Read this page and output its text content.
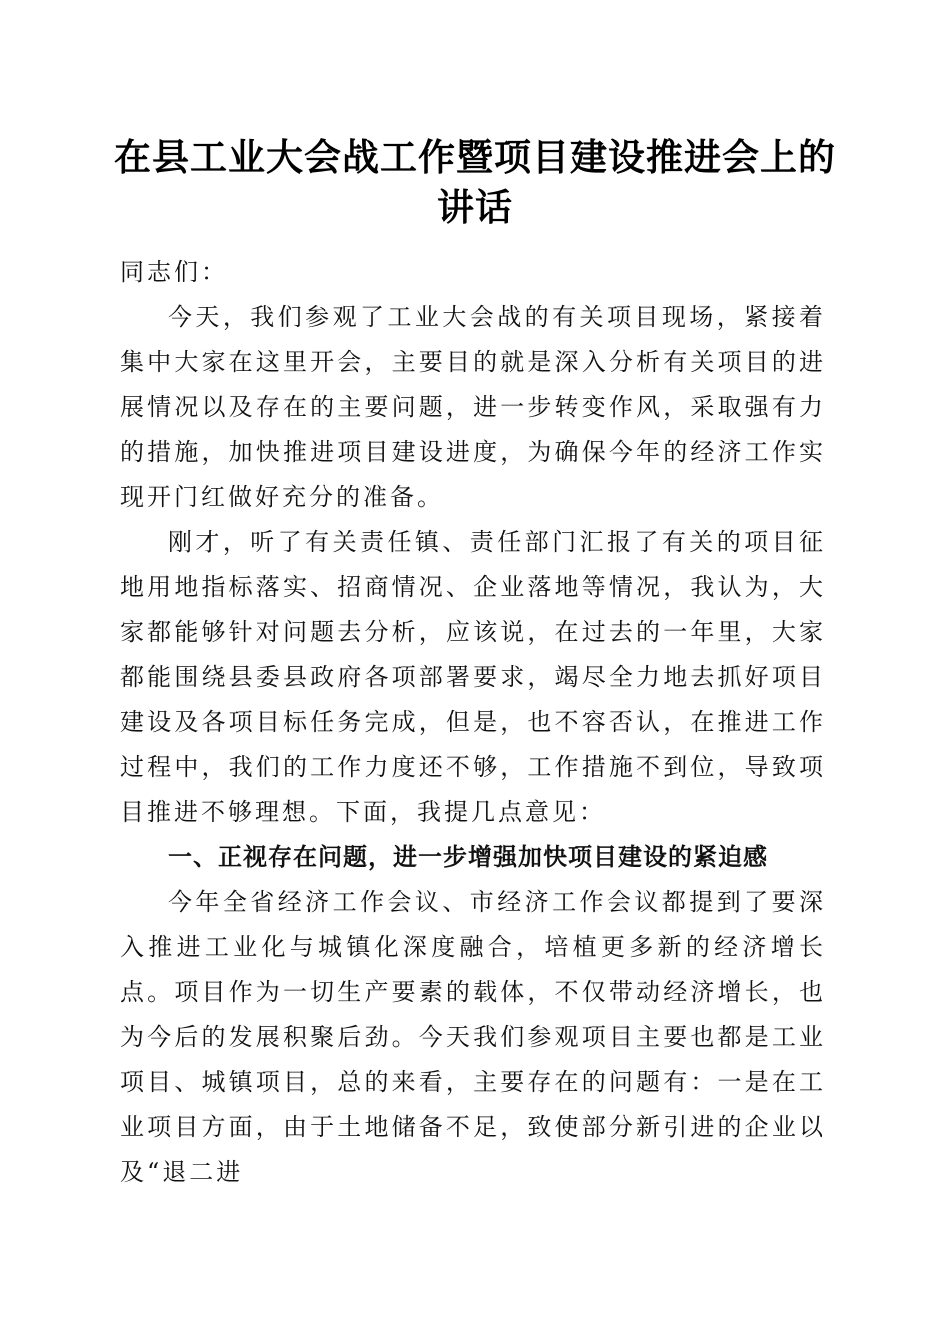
在县工业大会战工作暨项目建设推进会上的讲话

同志们：

今天，我们参观了工业大会战的有关项目现场，紧接着集中大家在这里开会，主要目的就是深入分析有关项目的进展情况以及存在的主要问题，进一步转变作风，采取强有力的措施，加快推进项目建设进度，为确保今年的经济工作实现开门红做好充分的准备。

刚才，听了有关责任镇、责任部门汇报了有关的项目征地用地指标落实、招商情况、企业落地等情况，我认为，大家都能够针对问题去分析，应该说，在过去的一年里，大家都能围绕县委县政府各项部署要求，竭尽全力地去抓好项目建设及各项目标任务完成，但是，也不容否认，在推进工作过程中，我们的工作力度还不够，工作措施不到位，导致项目推进不够理想。下面，我提几点意见：

一、正视存在问题，进一步增强加快项目建设的紧迫感

今年全省经济工作会议、市经济工作会议都提到了要深入推进工业化与城镇化深度融合，培植更多新的经济增长点。项目作为一切生产要素的载体，不仅带动经济增长，也为今后的发展积聚后劲。今天我们参观项目主要也都是工业项目、城镇项目，总的来看，主要存在的问题有：一是在工业项目方面，由于土地储备不足，致使部分新引进的企业以及“退二进
